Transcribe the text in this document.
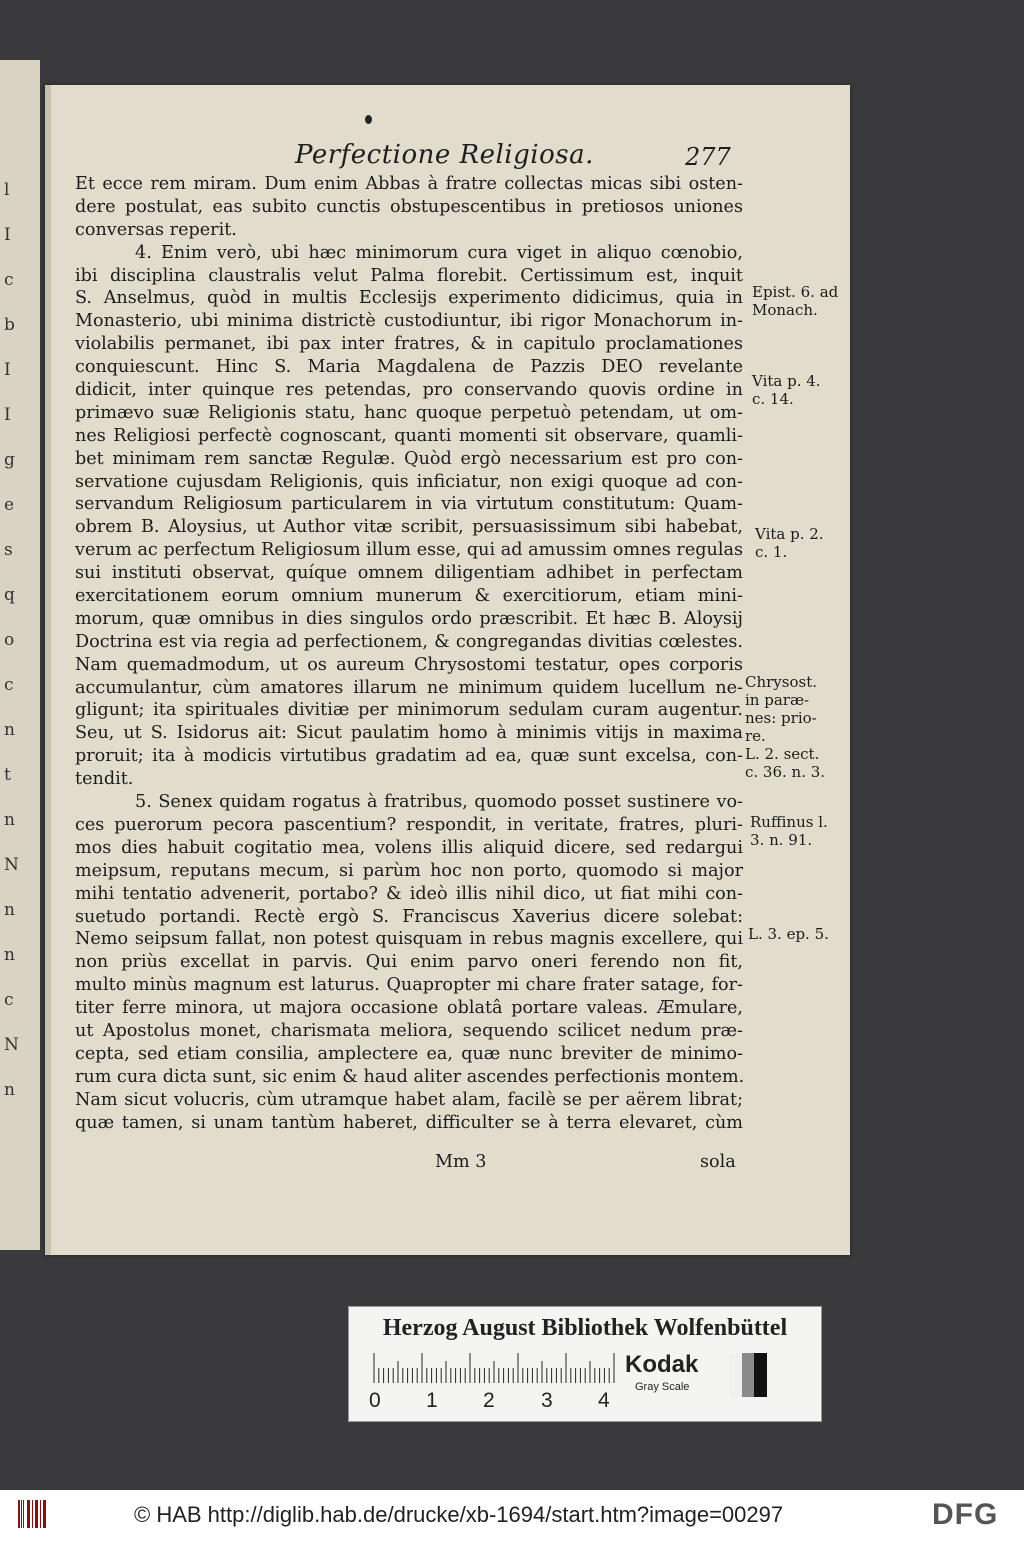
l
I
c
b
I
I
g
e
s
q
o
c
n
t
n
N
n
n
c
N
n
Perfectione Religiosa.	277
Et ecce rem miram. Dum enim Abbas à fratre collectas micas sibi osten-
dere postulat, eas subito cunctis obstupescentibus in pretiosos uniones
conversas reperit.
4. Enim verò, ubi hæc minimorum cura viget in aliquo cœnobio,
ibi disciplina claustralis velut Palma florebit. Certissimum est, inquit
S. Anselmus, quòd in multis Ecclesijs experimento didicimus, quia in
Monasterio, ubi minima districtè custodiuntur, ibi rigor Monachorum in-
violabilis permanet, ibi pax inter fratres, & in capitulo proclamationes
conquiescunt. Hinc S. Maria Magdalena de Pazzis DEO revelante
didicit, inter quinque res petendas, pro conservando quovis ordine in
primævo suæ Religionis statu, hanc quoque perpetuò petendam, ut om-
nes Religiosi perfectè cognoscant, quanti momenti sit observare, quamli-
bet minimam rem sanctæ Regulæ. Quòd ergò necessarium est pro con-
servatione cujusdam Religionis, quis inficiatur, non exigi quoque ad con-
servandum Religiosum particularem in via virtutum constitutum: Quam-
obrem B. Aloysius, ut Author vitæ scribit, persuasissimum sibi habebat,
verum ac perfectum Religiosum illum esse, qui ad amussim omnes regulas
sui instituti observat, quíque omnem diligentiam adhibet in perfectam
exercitationem eorum omnium munerum & exercitiorum, etiam mini-
morum, quæ omnibus in dies singulos ordo præscribit. Et hæc B. Aloysij
Doctrina est via regia ad perfectionem, & congregandas divitias cœlestes.
Nam quemadmodum, ut os aureum Chrysostomi testatur, opes corporis
accumulantur, cùm amatores illarum ne minimum quidem lucellum ne-
gligunt; ita spirituales divitiæ per minimorum sedulam curam augentur.
Seu, ut S. Isidorus ait: Sicut paulatim homo à minimis vitijs in maxima
proruit; ita à modicis virtutibus gradatim ad ea, quæ sunt excelsa, con-
tendit.
5. Senex quidam rogatus à fratribus, quomodo posset sustinere vo-
ces puerorum pecora pascentium? respondit, in veritate, fratres, pluri-
mos dies habuit cogitatio mea, volens illis aliquid dicere, sed redargui
meipsum, reputans mecum, si parùm hoc non porto, quomodo si major
mihi tentatio advenerit, portabo? & ideò illis nihil dico, ut fiat mihi con-
suetudo portandi. Rectè ergò S. Franciscus Xaverius dicere solebat:
Nemo seipsum fallat, non potest quisquam in rebus magnis excellere, qui
non priùs excellat in parvis. Qui enim parvo oneri ferendo non fit,
multo minùs magnum est laturus. Quapropter mi chare frater satage, for-
titer ferre minora, ut majora occasione oblatâ portare valeas. Æmulare,
ut Apostolus monet, charismata meliora, sequendo scilicet nedum præ-
cepta, sed etiam consilia, amplectere ea, quæ nunc breviter de minimo-
rum cura dicta sunt, sic enim & haud aliter ascendes perfectionis montem.
Nam sicut volucris, cùm utramque habet alam, facilè se per aërem librat;
quæ tamen, si unam tantùm haberet, difficulter se à terra elevaret, cùm
Epist. 6. ad
Monach.
Vita p. 4.
c. 14.
Vita p. 2.
c. 1.
Chrysost.
in paræ-
nes: prio-
re.
L. 2. sect.
c. 36. n. 3.
Ruffinus l.
3. n. 91.
L. 3. ep. 5.
Mm 3	sola
Herzog August Bibliothek Wolfenbüttel
0 1 2 3 4
Kodak
Gray Scale
© HAB http://diglib.hab.de/drucke/xb-1694/start.htm?image=00297	DFG
